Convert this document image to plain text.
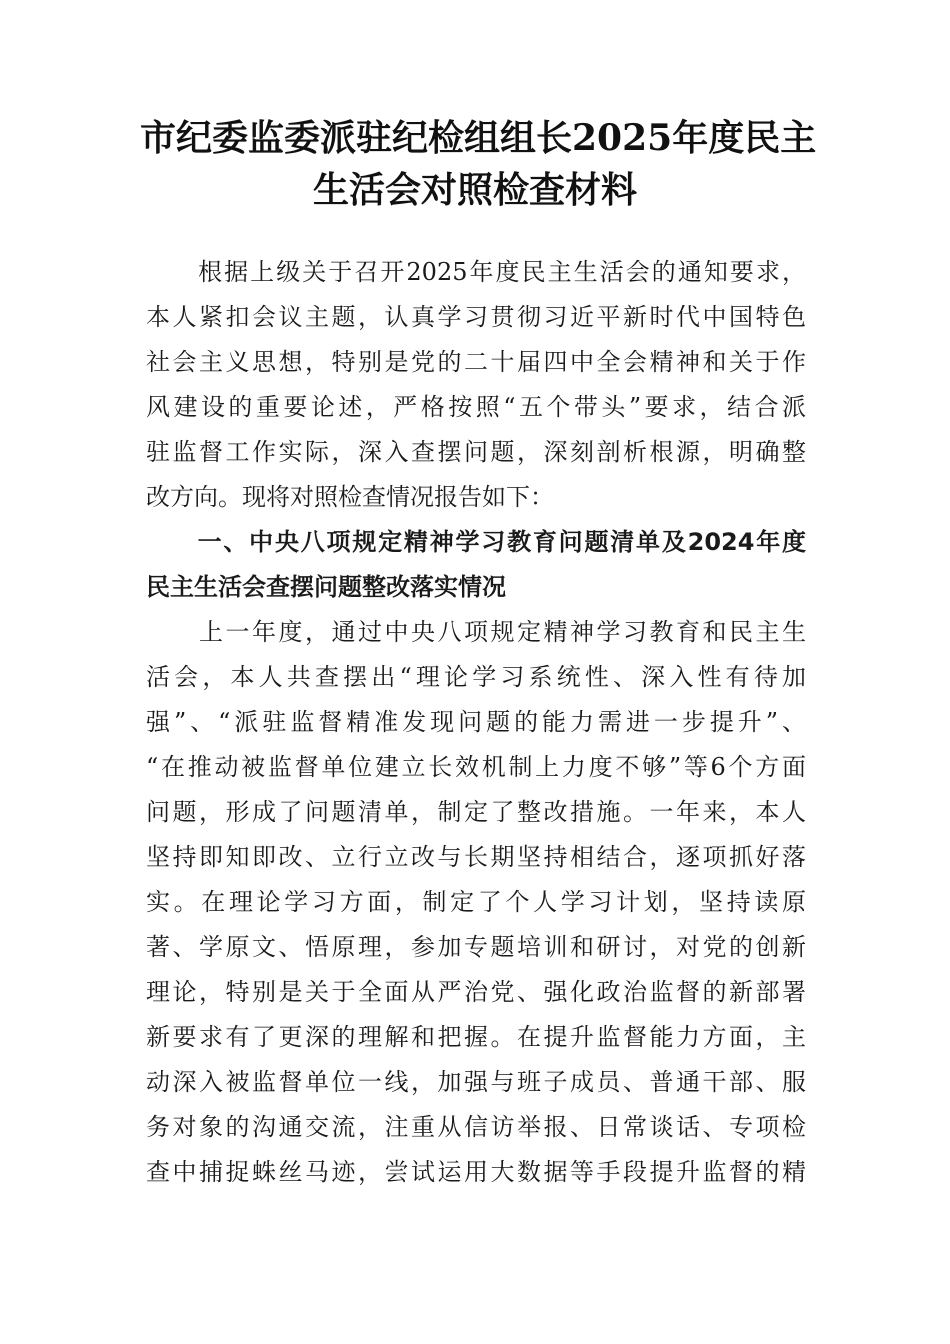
市纪委监委派驻纪检组组长2025年度民主
生活会对照检查材料
　　根据上级关于召开2025年度民主生活会的通知要求，
本人紧扣会议主题，认真学习贯彻习近平新时代中国特色
社会主义思想，特别是党的二十届四中全会精神和关于作
风建设的重要论述，严格按照“五个带头”要求，结合派
驻监督工作实际，深入查摆问题，深刻剖析根源，明确整
改方向。现将对照检查情况报告如下：
　　一、中央八项规定精神学习教育问题清单及2024年度
民主生活会查摆问题整改落实情况
　　上一年度，通过中央八项规定精神学习教育和民主生
活会，本人共查摆出“理论学习系统性、深入性有待加
强”、“派驻监督精准发现问题的能力需进一步提升”、
“在推动被监督单位建立长效机制上力度不够”等6个方面
问题，形成了问题清单，制定了整改措施。一年来，本人
坚持即知即改、立行立改与长期坚持相结合，逐项抓好落
实。在理论学习方面，制定了个人学习计划，坚持读原
著、学原文、悟原理，参加专题培训和研讨，对党的创新
理论，特别是关于全面从严治党、强化政治监督的新部署
新要求有了更深的理解和把握。在提升监督能力方面，主
动深入被监督单位一线，加强与班子成员、普通干部、服
务对象的沟通交流，注重从信访举报、日常谈话、专项检
查中捕捉蛛丝马迹，尝试运用大数据等手段提升监督的精
